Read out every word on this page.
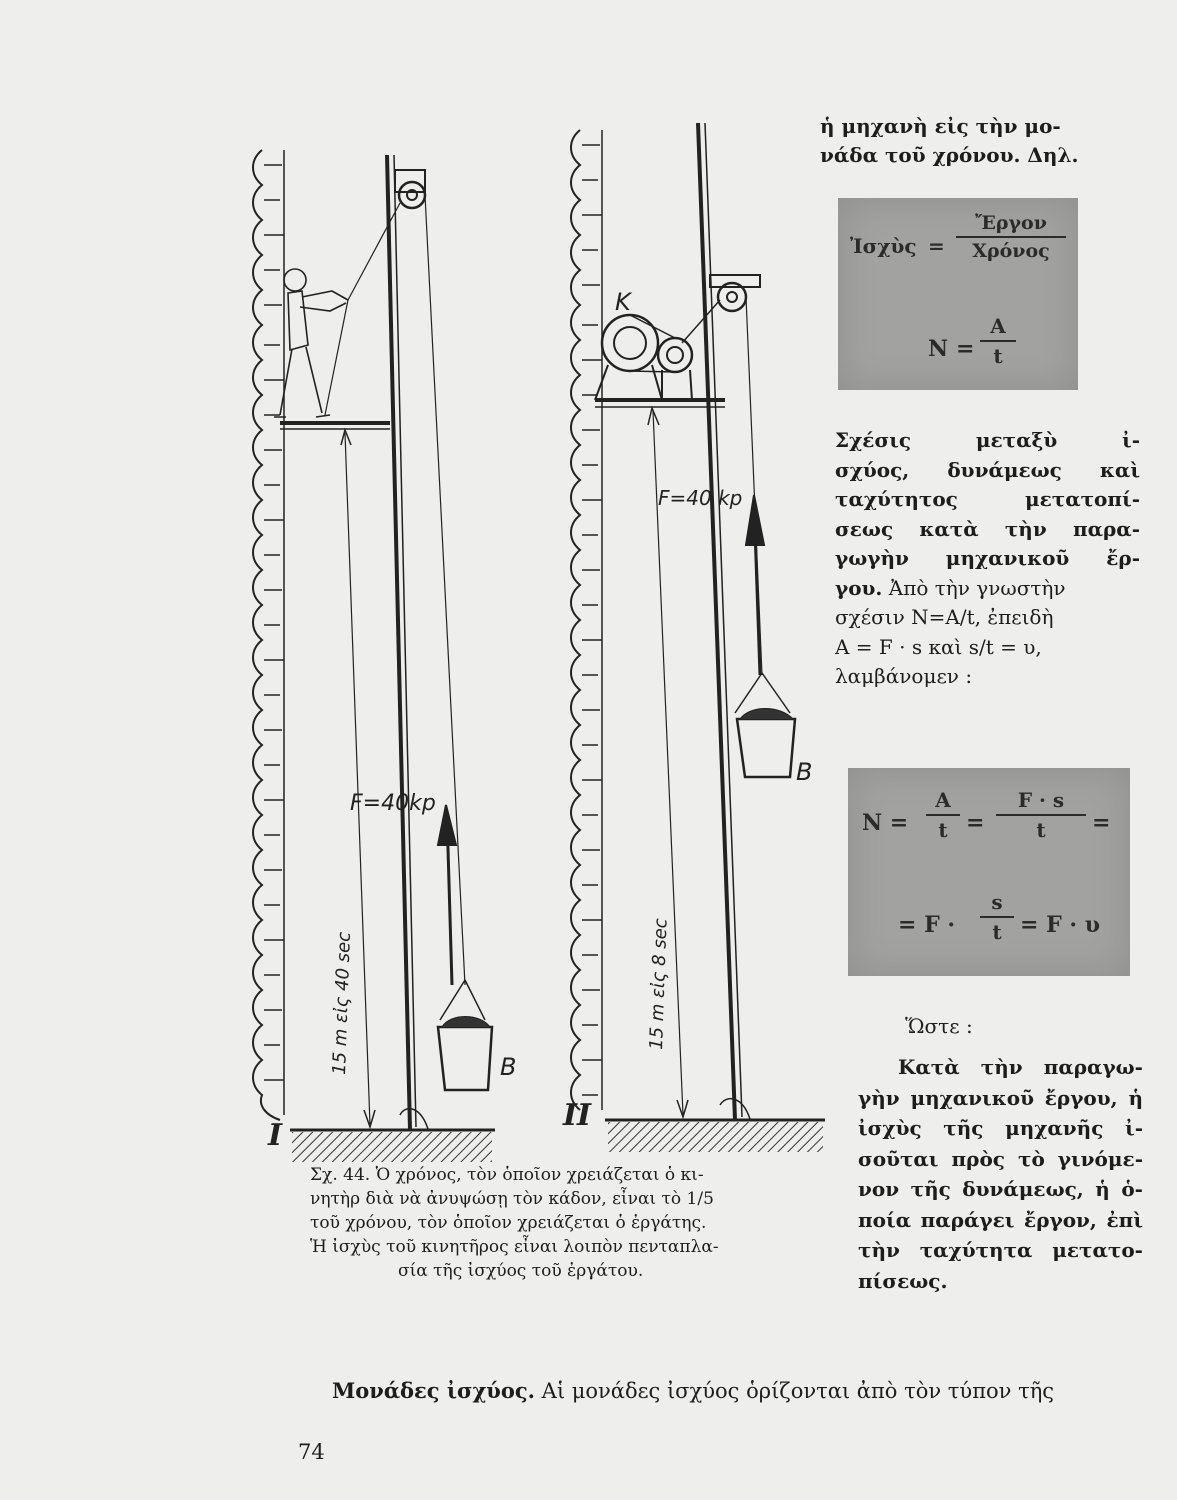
I
II
F=40kp
F=40 kp
15 m εἰς 40 sec	15 m εἰς 8 sec
B
B
K
Σχ. 44. Ὁ χρόνος, τὸν ὁποῖον χρειάζεται ὁ κι-
νητὴρ διὰ νὰ ἀνυψώσῃ τὸν κάδον, εἶναι τὸ 1/5
τοῦ χρόνου, τὸν ὁποῖον χρειάζεται ὁ ἐργάτης.
Ἡ ἰσχὺς τοῦ κινητῆρος εἶναι λοιπὸν πενταπλα-
σία τῆς ἰσχύος τοῦ ἐργάτου.
ἡ μηχανὴ εἰς τὴν μο-
νάδα τοῦ χρόνου. Δηλ.
Ἰσχὺς =
Ἔργον
Χρόνος
N =
A
t
Σχέσις μεταξὺ ἰ-
σχύος, δυνάμεως καὶ
ταχύτητος μετατοπί-
σεως κατὰ τὴν παρα-
γωγὴν μηχανικοῦ ἔρ-
γου. Ἀπὸ τὴν γνωστὴν
σχέσιν N=A/t, ἐπειδὴ
A = F · s καὶ s/t = υ,
λαμβάνομεν :
N =
A
t =
F · s
t	=
= F ·
s
t = F · υ
Ὥστε :
Κατὰ τὴν παραγω-
γὴν μηχανικοῦ ἔργου, ἡ
ἰσχὺς τῆς μηχανῆς ἰ-
σοῦται πρὸς τὸ γινόμε-
νον τῆς δυνάμεως, ἡ ὁ-
ποία παράγει ἔργον, ἐπὶ
τὴν ταχύτητα μετατο-
πίσεως.
Μονάδες ἰσχύος. Αἱ μονάδες ἰσχύος ὁρίζονται ἀπὸ τὸν τύπον τῆς
74
